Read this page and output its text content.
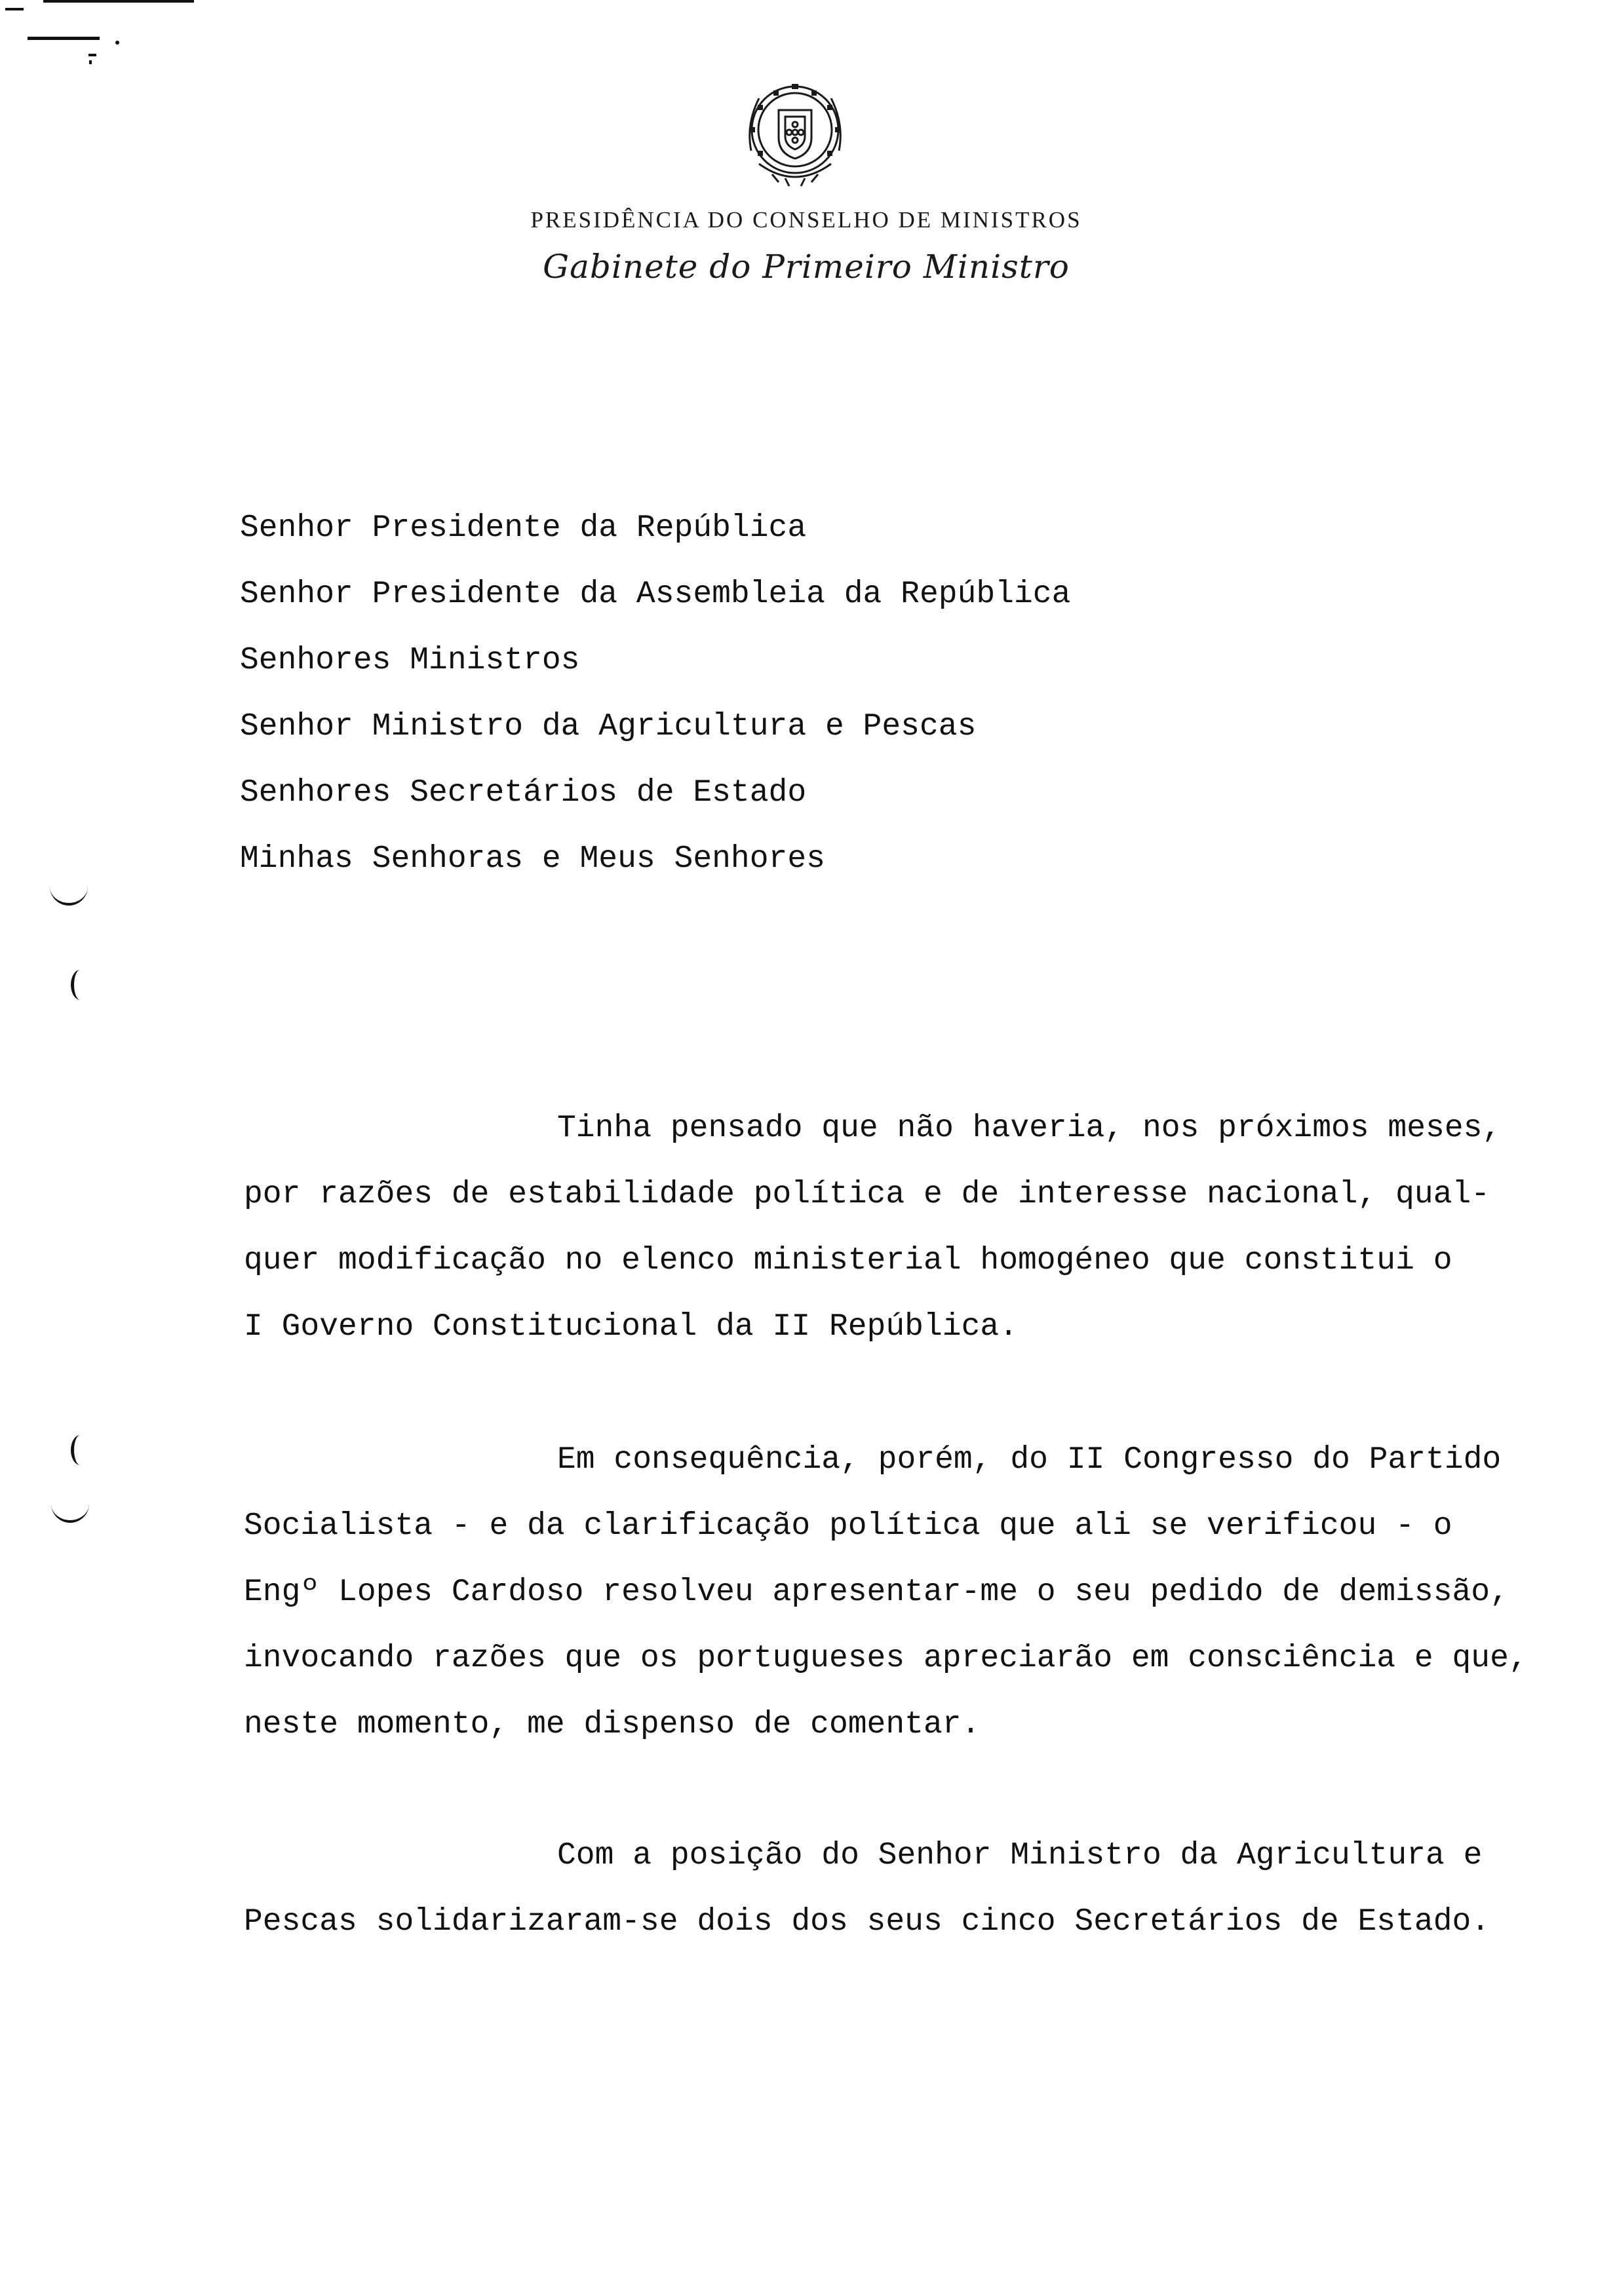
PRESIDÊNCIA DO CONSELHO DE MINISTROS
Gabinete do Primeiro Ministro
Senhor Presidente da República
Senhor Presidente da Assembleia da República
Senhores Ministros
Senhor Ministro da Agricultura e Pescas
Senhores Secretários de Estado
Minhas Senhoras e Meus Senhores

Tinha pensado que não haveria, nos próximos meses,
por razões de estabilidade política e de interesse nacional, qual-
quer modificação no elenco ministerial homogéneo que constitui o
I Governo Constitucional da II República.

Em consequência, porém, do II Congresso do Partido
Socialista - e da clarificação política que ali se verificou - o
Engº Lopes Cardoso resolveu apresentar-me o seu pedido de demissão,
invocando razões que os portugueses apreciarão em consciência e que,
neste momento, me dispenso de comentar.

Com a posição do Senhor Ministro da Agricultura e
Pescas solidarizaram-se dois dos seus cinco Secretários de Estado.
